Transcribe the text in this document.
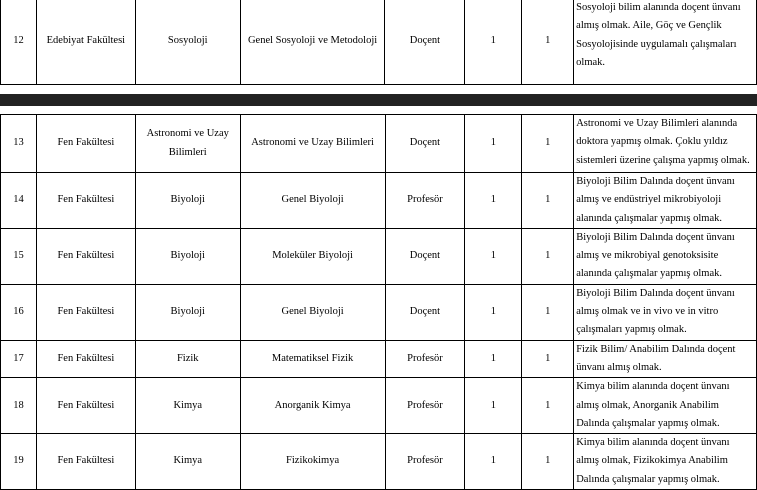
12	Edebiyat Fakültesi	Sosyoloji	Genel Sosyoloji ve Metodoloji	Doçent	1	1	
Sosyoloji bilim alanında doçent ünvanı
almış olmak. Aile, Göç ve Gençlik
Sosyolojisinde uygulamalı çalışmaları
olmak.
13	Fen Fakültesi	Astronomi ve Uzay Bilimleri	Astronomi ve Uzay Bilimleri	Doçent	1	1	Astronomi ve Uzay Bilimleri alanında
doktora yapmış olmak. Çoklu yıldız
sistemleri üzerine çalışma yapmış olmak.

14	Fen Fakültesi	Biyoloji	Genel Biyoloji	Profesör	1	1	Biyoloji Bilim Dalında doçent ünvanı
almış ve endüstriyel mikrobiyoloji
alanında çalışmalar yapmış olmak.

15	Fen Fakültesi	Biyoloji	Moleküler Biyoloji	Doçent	1	1	Biyoloji Bilim Dalında doçent ünvanı
almış ve mikrobiyal genotoksisite
alanında çalışmalar yapmış olmak.

16	Fen Fakültesi	Biyoloji	Genel Biyoloji	Doçent	1	1	Biyoloji Bilim Dalında doçent ünvanı
almış olmak ve in vivo ve in vitro
çalışmaları yapmış olmak.

17	Fen Fakültesi	Fizik	Matematiksel Fizik	Profesör	1	1	Fizik Bilim/ Anabilim Dalında doçent
ünvanı almış olmak.

18	Fen Fakültesi	Kimya	Anorganik Kimya	Profesör	1	1	Kimya bilim alanında doçent ünvanı
almış olmak, Anorganik Anabilim
Dalında çalışmalar yapmış olmak.

19	Fen Fakültesi	Kimya	Fizikokimya	Profesör	1	1	Kimya bilim alanında doçent ünvanı
almış olmak, Fizikokimya Anabilim
Dalında çalışmalar yapmış olmak.
